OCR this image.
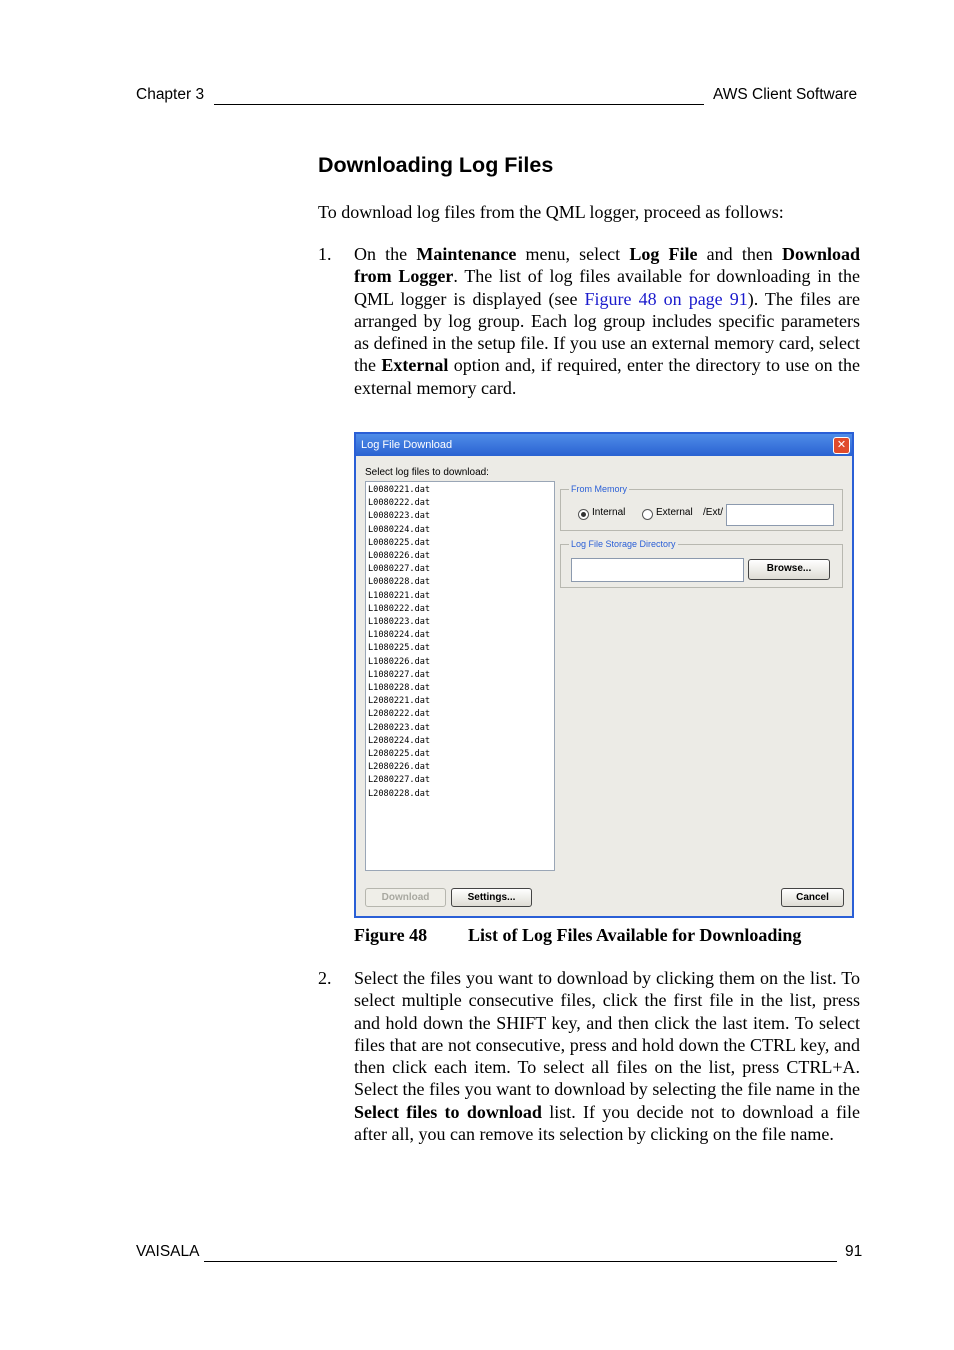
Chapter 3	AWS Client Software
Downloading Log Files
To download log files from the QML logger, proceed as follows:
1. On the Maintenance menu, select Log File and then Download from Logger. The list of log files available for downloading in the QML logger is displayed (see Figure 48 on page 91). The files are arranged by log group. Each log group includes specific parameters as defined in the setup file. If you use an external memory card, select the External option and, if required, enter the directory to use on the external memory card.
Log File Download	✕
Select log files to download:
L0080221.dat
L0080222.dat
L0080223.dat
L0080224.dat
L0080225.dat
L0080226.dat
L0080227.dat
L0080228.dat
L1080221.dat
L1080222.dat
L1080223.dat
L1080224.dat
L1080225.dat
L1080226.dat
L1080227.dat
L1080228.dat
L2080221.dat
L2080222.dat
L2080223.dat
L2080224.dat
L2080225.dat
L2080226.dat
L2080227.dat
L2080228.dat
From Memory
Internal	External /Ext/
Log File Storage Directory
Browse...
Download	Settings...	Cancel
Figure 48 List of Log Files Available for Downloading
2. Select the files you want to download by clicking them on the list. To select multiple consecutive files, click the first file in the list, press and hold down the SHIFT key, and then click the last item. To select files that are not consecutive, press and hold down the CTRL key, and then click each item. To select all files on the list, press CTRL+A. Select the files you want to download by selecting the file name in the Select files to download list. If you decide not to download a file after all, you can remove its selection by clicking on the file name.
VAISALA	91
